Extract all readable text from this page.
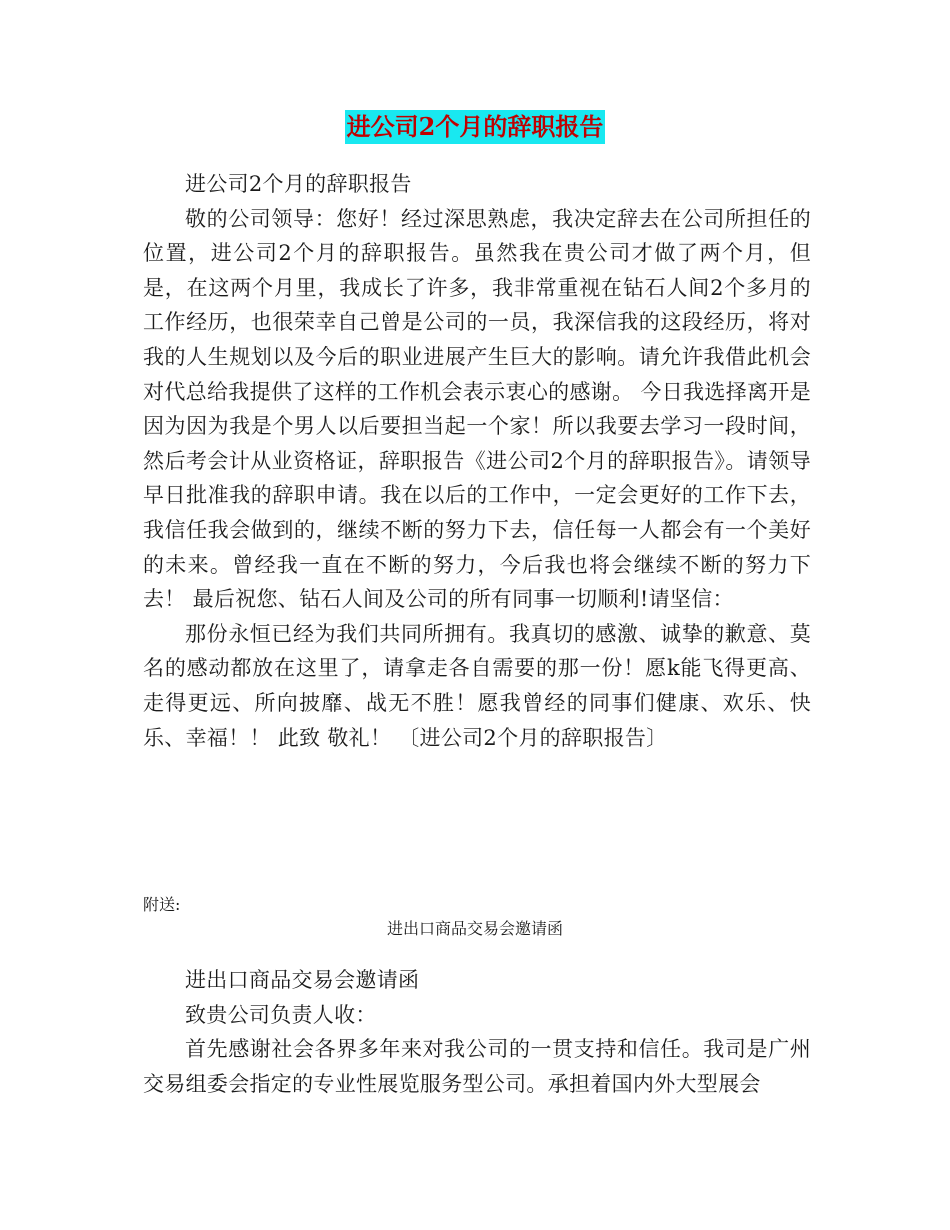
进公司2个月的辞职报告

进公司2个月的辞职报告

敬的公司领导：您好！经过深思熟虑，我决定辞去在公司所担任的位置，进公司2个月的辞职报告。虽然我在贵公司才做了两个月，但是，在这两个月里，我成长了许多，我非常重视在钻石人间2个多月的工作经历，也很荣幸自己曾是公司的一员，我深信我的这段经历，将对我的人生规划以及今后的职业进展产生巨大的影响。请允许我借此机会对代总给我提供了这样的工作机会表示衷心的感谢。 今日我选择离开是因为因为我是个男人以后要担当起一个家！所以我要去学习一段时间，然后考会计从业资格证，辞职报告《进公司2个月的辞职报告》。请领导早日批准我的辞职申请。我在以后的工作中，一定会更好的工作下去，我信任我会做到的，继续不断的努力下去，信任每一人都会有一个美好的未来。曾经我一直在不断的努力，今后我也将会继续不断的努力下去！ 最后祝您、钻石人间及公司的所有同事一切顺利!请坚信：

那份永恒已经为我们共同所拥有。我真切的感激、诚挚的歉意、莫名的感动都放在这里了，请拿走各自需要的那一份！愿k能飞得更高、走得更远、所向披靡、战无不胜！愿我曾经的同事们健康、欢乐、快乐、幸福！！ 此致 敬礼！ 〔进公司2个月的辞职报告〕

附送:
进出口商品交易会邀请函

进出口商品交易会邀请函

致贵公司负责人收：

首先感谢社会各界多年来对我公司的一贯支持和信任。我司是广州交易组委会指定的专业性展览服务型公司。承担着国内外大型展会
